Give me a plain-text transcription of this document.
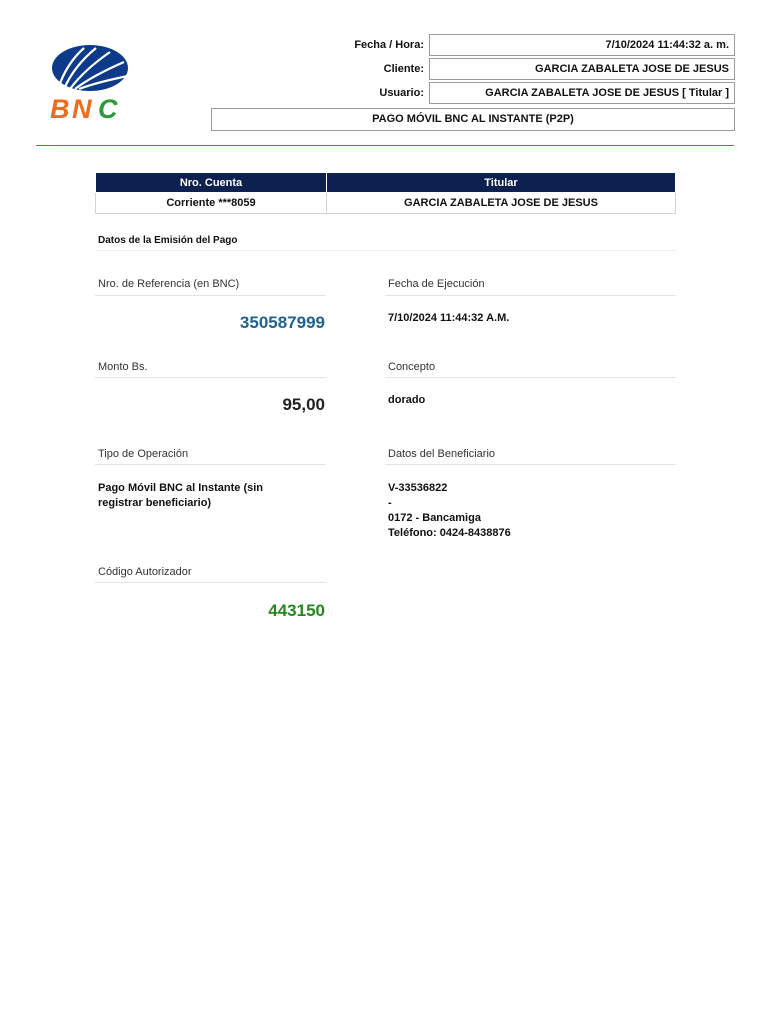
B N C
Fecha / Hora:	7/10/2024 11:44:32 a. m.
Cliente:	GARCIA ZABALETA JOSE DE JESUS
Usuario:	GARCIA ZABALETA JOSE DE JESUS [ Titular ]
PAGO MÓVIL BNC AL INSTANTE (P2P)
Nro. Cuenta	Titular
Corriente ***8059	GARCIA ZABALETA JOSE DE JESUS
Datos de la Emisión del Pago
Nro. de Referencia (en BNC)
350587999
Fecha de Ejecución
7/10/2024 11:44:32 A.M.
Monto Bs.
95,00
Concepto
dorado
Tipo de Operación
Pago Móvil BNC al Instante (sin
registrar beneficiario)
Datos del Beneficiario
V-33536822
-
0172 - Bancamiga
Teléfono: 0424-8438876
Código Autorizador
443150
